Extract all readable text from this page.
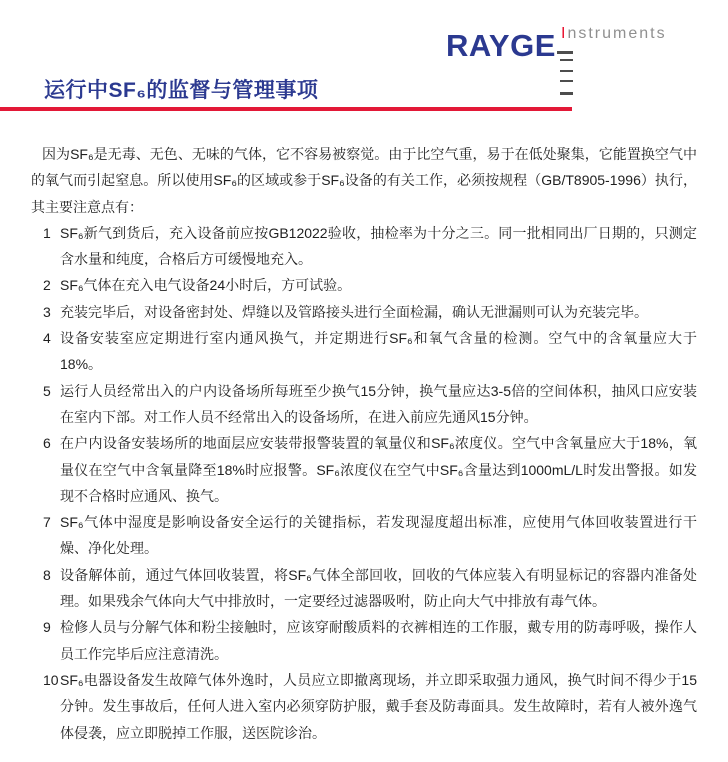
RAYGE Instruments
运行中SF₆的监督与管理事项

因为SF₆是无毒、无色、无味的气体，它不容易被察觉。由于比空气重，易于在低处聚集，它能置换空气中的氧气而引起窒息。所以使用SF₆的区域或参于SF₆设备的有关工作，必须按规程（GB/T8905-1996）执行，其主要注意点有：

1 SF₆新气到货后，充入设备前应按GB12022验收，抽检率为十分之三。同一批相同出厂日期的，只测定含水量和纯度，合格后方可缓慢地充入。
2 SF₆气体在充入电气设备24小时后，方可试验。
3 充装完毕后，对设备密封处、焊缝以及管路接头进行全面检漏，确认无泄漏则可认为充装完毕。
4 设备安装室应定期进行室内通风换气，并定期进行SF₆和氧气含量的检测。空气中的含氧量应大于18%。
5 运行人员经常出入的户内设备场所每班至少换气15分钟，换气量应达3-5倍的空间体积，抽风口应安装在室内下部。对工作人员不经常出入的设备场所，在进入前应先通风15分钟。
6 在户内设备安装场所的地面层应安装带报警装置的氧量仪和SF₆浓度仪。空气中含氧量应大于18%，氧量仪在空气中含氧量降至18%时应报警。SF₆浓度仪在空气中SF₆含量达到1000mL/L时发出警报。如发现不合格时应通风、换气。
7 SF₆气体中湿度是影响设备安全运行的关键指标，若发现湿度超出标准，应使用气体回收装置进行干燥、净化处理。
8 设备解体前，通过气体回收装置，将SF₆气体全部回收，回收的气体应装入有明显标记的容器内准备处理。如果残余气体向大气中排放时，一定要经过滤器吸咐，防止向大气中排放有毒气体。
9 检修人员与分解气体和粉尘接触时，应该穿耐酸质料的衣裤相连的工作服，戴专用的防毒呼吸，操作人员工作完毕后应注意清洗。
10 SF₆电器设备发生故障气体外逸时，人员应立即撤离现场，并立即采取强力通风，换气时间不得少于15分钟。发生事故后，任何人进入室内必须穿防护服，戴手套及防毒面具。发生故障时，若有人被外逸气体侵袭，应立即脱掉工作服，送医院诊治。
